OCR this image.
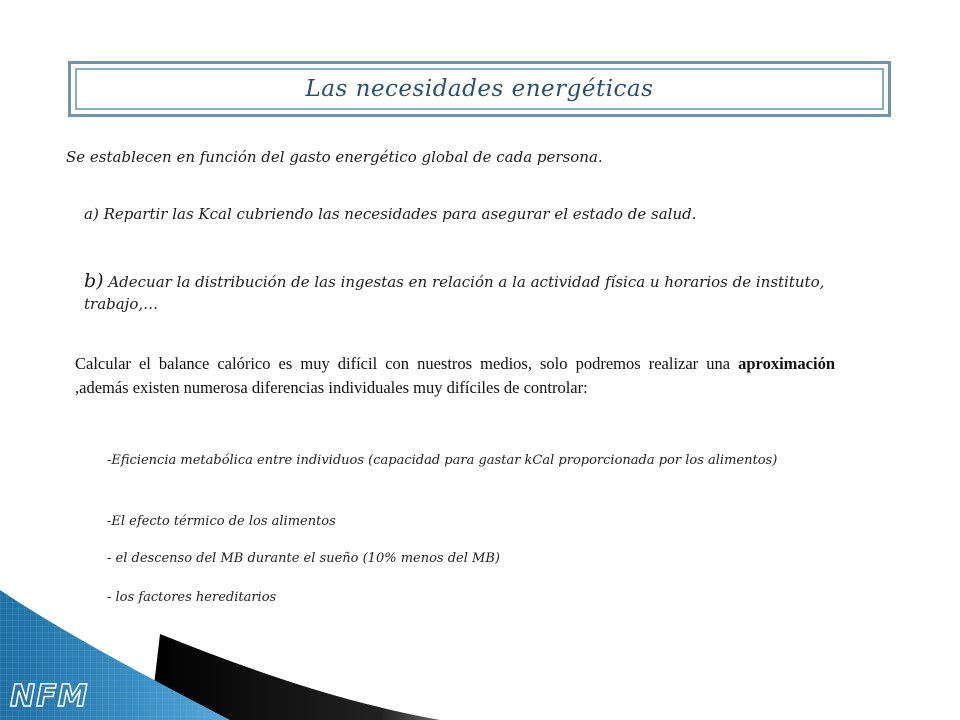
Las necesidades energéticas
Se establecen en función del gasto energético global de cada persona.
a) Repartir las Kcal cubriendo las necesidades para asegurar el estado de salud.
b) Adecuar la distribución de las ingestas en relación a la actividad física u horarios de instituto, trabajo,…
Calcular el balance calórico es muy difícil con nuestros medios, solo podremos realizar una aproximación ,además existen numerosa diferencias individuales muy difíciles de controlar:
-Eficiencia metabólica entre individuos (capacidad para gastar kCal proporcionada por los alimentos)
-El efecto térmico de los alimentos
- el descenso del MB durante el sueño (10% menos del MB)
- los factores hereditarios
NFM
